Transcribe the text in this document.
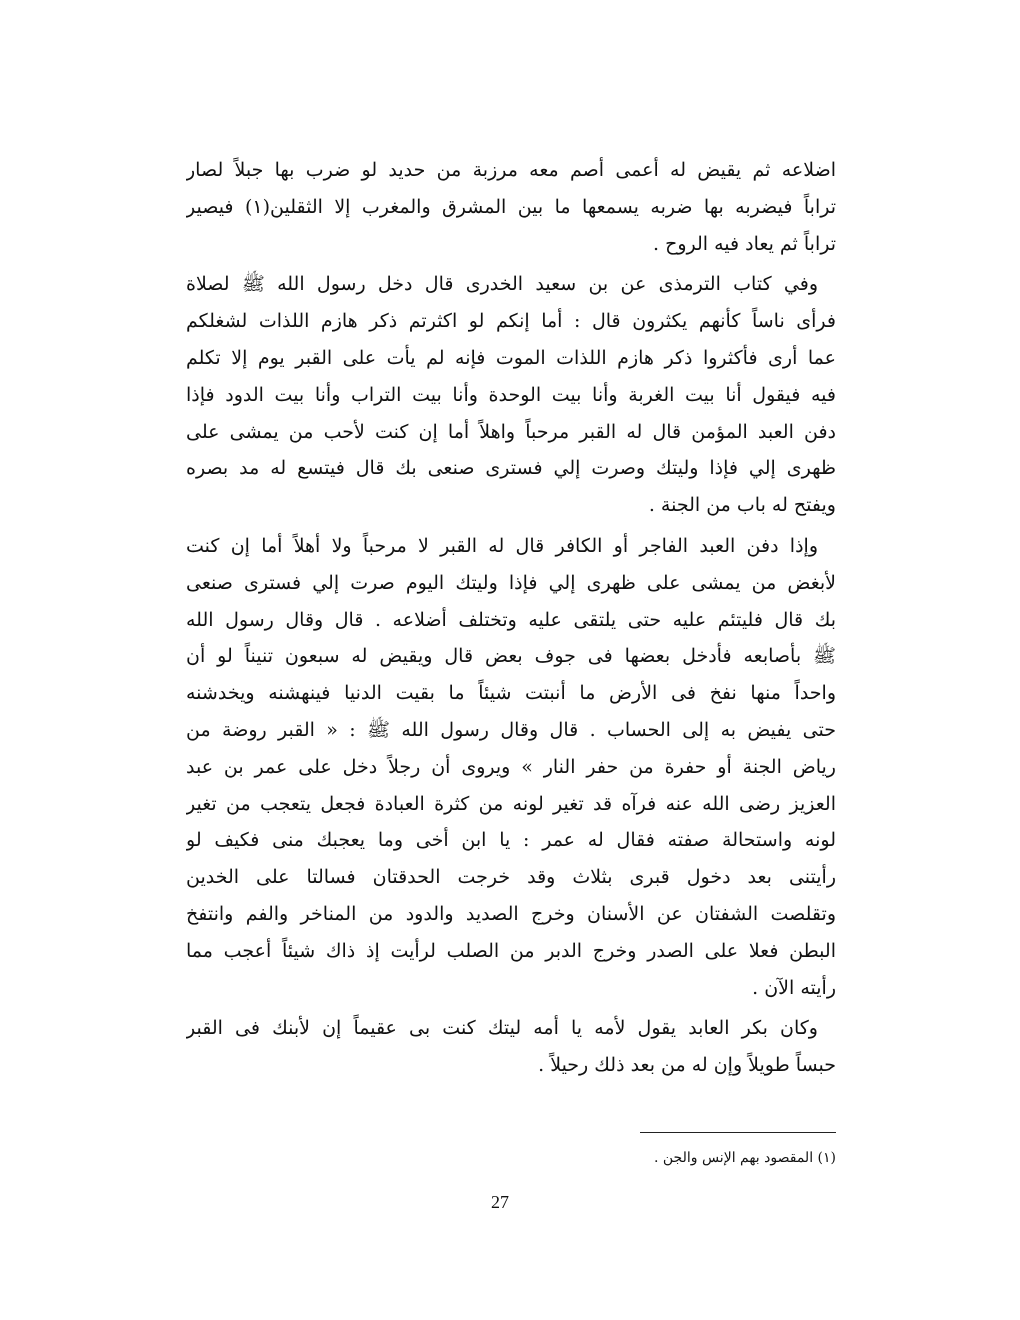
اضلاعه ثم يقيض له أعمى أصم معه مرزبة من حديد لو ضرب بها جبلاً لصار
تراباً فيضربه بها ضربه يسمعها ما بين المشرق والمغرب إلا الثقلين(١) فيصير
تراباً ثم يعاد فيه الروح .
وفي كتاب الترمذى عن بن سعيد الخدرى قال دخل رسول الله ﷺ لصلاة
فرأى ناساً كأنهم يكثرون قال : أما إنكم لو اكثرتم ذكر هازم اللذات لشغلكم
عما أرى فأكثروا ذكر هازم اللذات الموت فإنه لم يأت على القبر يوم إلا تكلم
فيه فيقول أنا بيت الغربة وأنا بيت الوحدة وأنا بيت التراب وأنا بيت الدود فإذا
دفن العبد المؤمن قال له القبر مرحباً واهلاً أما إن كنت لأحب من يمشى على
ظهرى إلي فإذا وليتك وصرت إلي فسترى صنعى بك قال فيتسع له مد بصره
ويفتح له باب من الجنة .
وإذا دفن العبد الفاجر أو الكافر قال له القبر لا مرحباً ولا أهلاً أما إن كنت
لأبغض من يمشى على ظهرى إلي فإذا وليتك اليوم صرت إلي فسترى صنعى
بك قال فليتئم عليه حتى يلتقى عليه وتختلف أضلاعه . قال وقال رسول الله
ﷺ بأصابعه فأدخل بعضها فى جوف بعض قال ويقيض له سبعون تنيناً لو أن
واحداً منها نفخ فى الأرض ما أنبتت شيئاً ما بقيت الدنيا فينهشنه ويخدشنه
حتى يفيض به إلى الحساب . قال وقال رسول الله ﷺ : « القبر روضة من
رياض الجنة أو حفرة من حفر النار » ويروى أن رجلاً دخل على عمر بن عبد
العزيز رضى الله عنه فرآه قد تغير لونه من كثرة العبادة فجعل يتعجب من تغير
لونه واستحالة صفته فقال له عمر : يا ابن أخى وما يعجبك منى فكيف لو
رأيتنى بعد دخول قبرى بثلاث وقد خرجت الحدقتان فسالتا على الخدين
وتقلصت الشفتان عن الأسنان وخرج الصديد والدود من المناخر والفم وانتفخ
البطن فعلا على الصدر وخرج الدبر من الصلب لرأيت إذ ذاك شيئاً أعجب مما
رأيته الآن .
وكان بكر العابد يقول لأمه يا أمه ليتك كنت بى عقيماً إن لأبنك فى القبر
حبساً طويلاً وإن له من بعد ذلك رحيلاً .
(١) المقصود بهم الإنس والجن .
27
